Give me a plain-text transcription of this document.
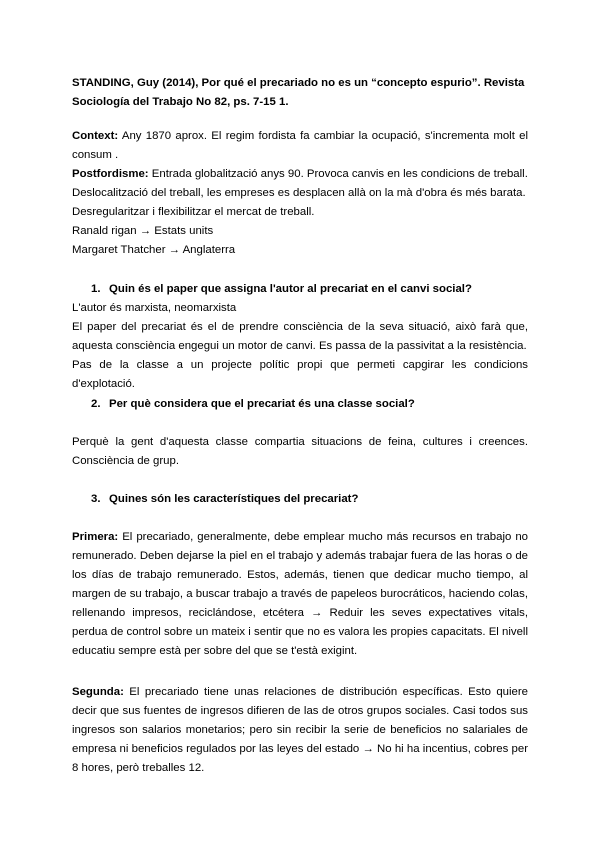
STANDING, Guy (2014), Por qué el precariado no es un “concepto espurio”. Revista Sociología del Trabajo No 82, ps. 7-15 1.

Context: Any 1870 aprox. El regim fordista fa cambiar la ocupació, s'incrementa molt el consum .

Postfordisme: Entrada globalització anys 90. Provoca canvis en les condicions de treball.
Deslocalització del treball, les empreses es desplacen allà on la mà d'obra és més barata.
Desregularitzar i flexibilitzar el mercat de treball.
Ranald rigan → Estats units
Margaret Thatcher → Anglaterra
1. Quin és el paper que assigna l'autor al precariat en el canvi social?
L'autor és marxista, neomarxista
El paper del precariat és el de prendre consciència de la seva situació, això farà que, aquesta consciència engegui un motor de canvi. Es passa de la passivitat a la resistència.
Pas de la classe a un projecte polític propi que permeti capgirar les condicions d'explotació.
2. Per què considera que el precariat és una classe social?
Perquè la gent d'aquesta classe compartia situacions de feina, cultures i creences. Consciència de grup.
3. Quines són les característiques del precariat?

Primera: El precariado, generalmente, debe emplear mucho más recursos en trabajo no remunerado. Deben dejarse la piel en el trabajo y además trabajar fuera de las horas o de los días de trabajo remunerado. Estos, además, tienen que dedicar mucho tiempo, al margen de su trabajo, a buscar trabajo a través de papeleos burocráticos, haciendo colas, rellenando impresos, reciclándose, etcétera → Reduir les seves expectatives vitals, perdua de control sobre un mateix i sentir que no es valora les propies capacitats. El nivell educatiu sempre està per sobre del que se t'està exigint.

Segunda: El precariado tiene unas relaciones de distribución específicas. Esto quiere decir que sus fuentes de ingresos difieren de las de otros grupos sociales. Casi todos sus ingresos son salarios monetarios; pero sin recibir la serie de beneficios no salariales de empresa ni beneficios regulados por las leyes del estado → No hi ha incentius, cobres per 8 hores, però treballes 12.
